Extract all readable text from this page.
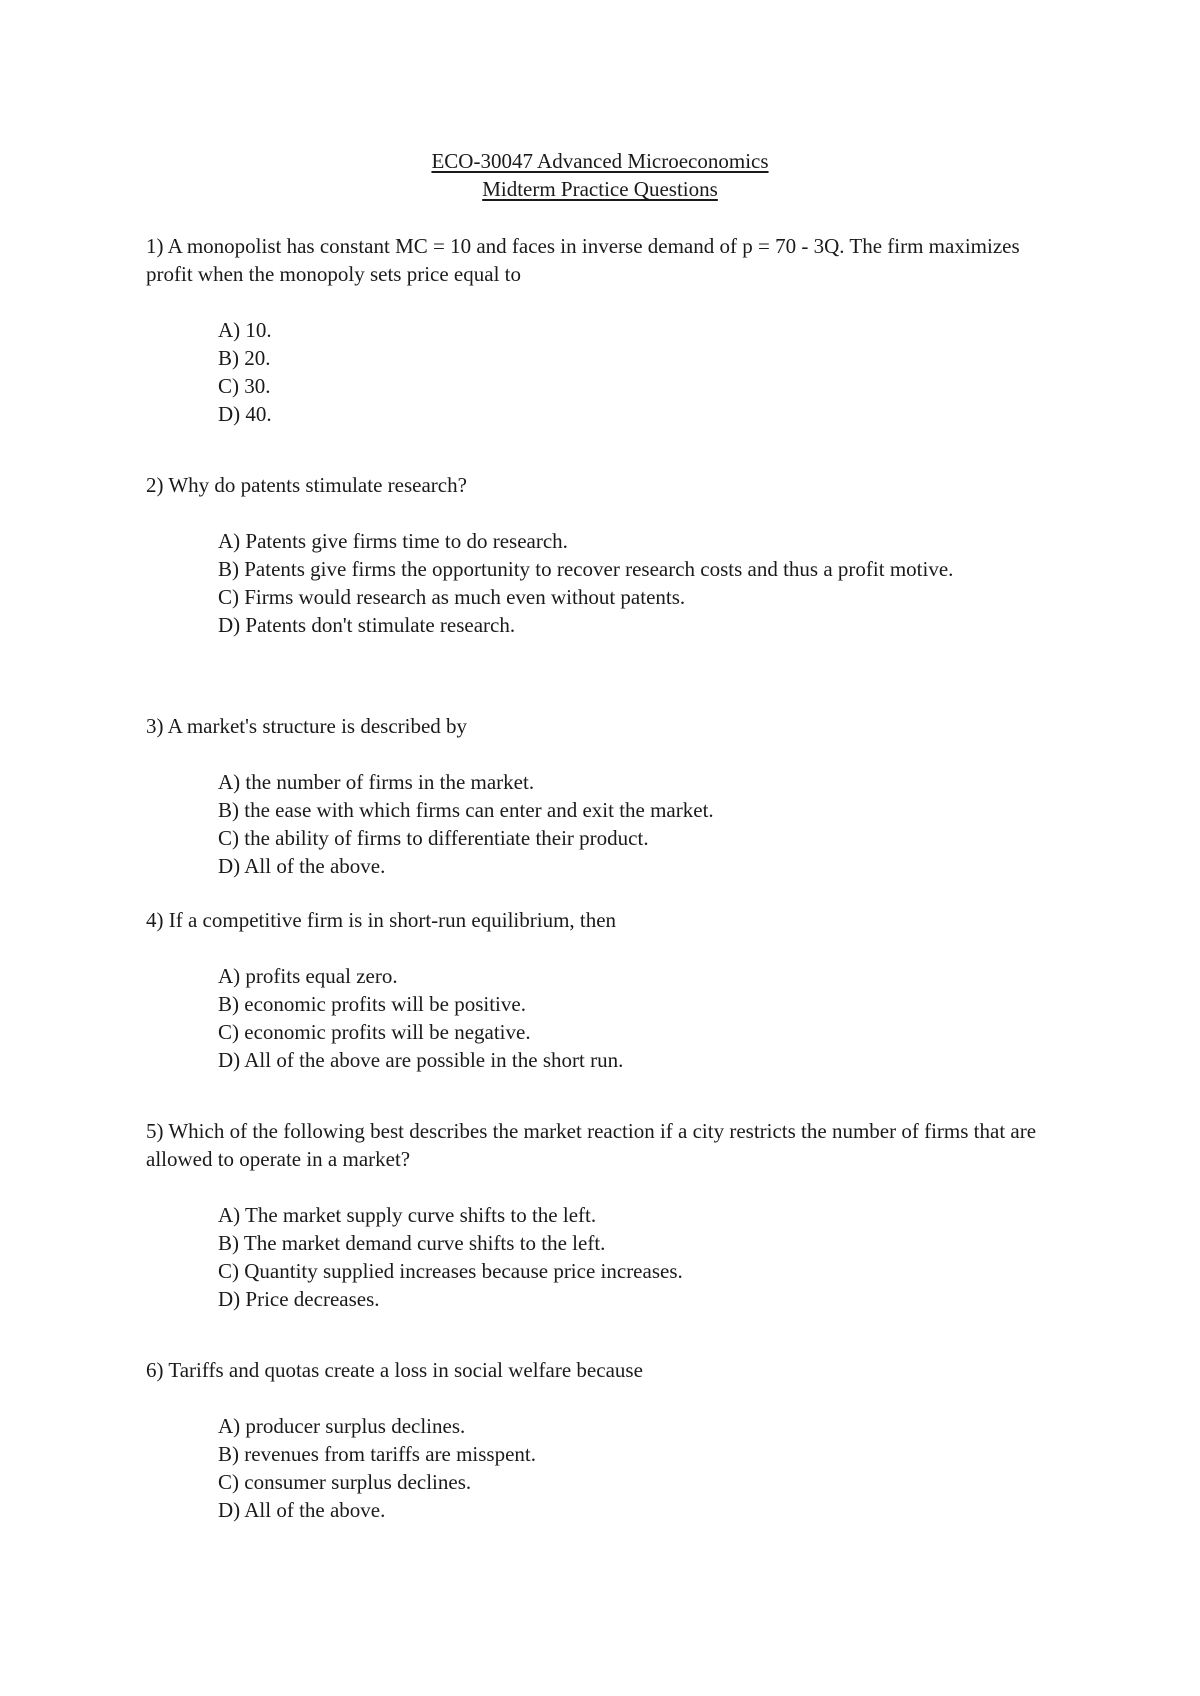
ECO-30047 Advanced Microeconomics
Midterm Practice Questions

1) A monopolist has constant MC = 10 and faces in inverse demand of p = 70 - 3Q. The firm maximizes profit when the monopoly sets price equal to

A) 10.
B) 20.
C) 30.
D) 40.

2) Why do patents stimulate research?

A) Patents give firms time to do research.
B) Patents give firms the opportunity to recover research costs and thus a profit motive.
C) Firms would research as much even without patents.
D) Patents don't stimulate research.

3) A market's structure is described by

A) the number of firms in the market.
B) the ease with which firms can enter and exit the market.
C) the ability of firms to differentiate their product.
D) All of the above.

4) If a competitive firm is in short-run equilibrium, then

A) profits equal zero.
B) economic profits will be positive.
C) economic profits will be negative.
D) All of the above are possible in the short run.

5) Which of the following best describes the market reaction if a city restricts the number of firms that are allowed to operate in a market?

A) The market supply curve shifts to the left.
B) The market demand curve shifts to the left.
C) Quantity supplied increases because price increases.
D) Price decreases.

6) Tariffs and quotas create a loss in social welfare because

A) producer surplus declines.
B) revenues from tariffs are misspent.
C) consumer surplus declines.
D) All of the above.
